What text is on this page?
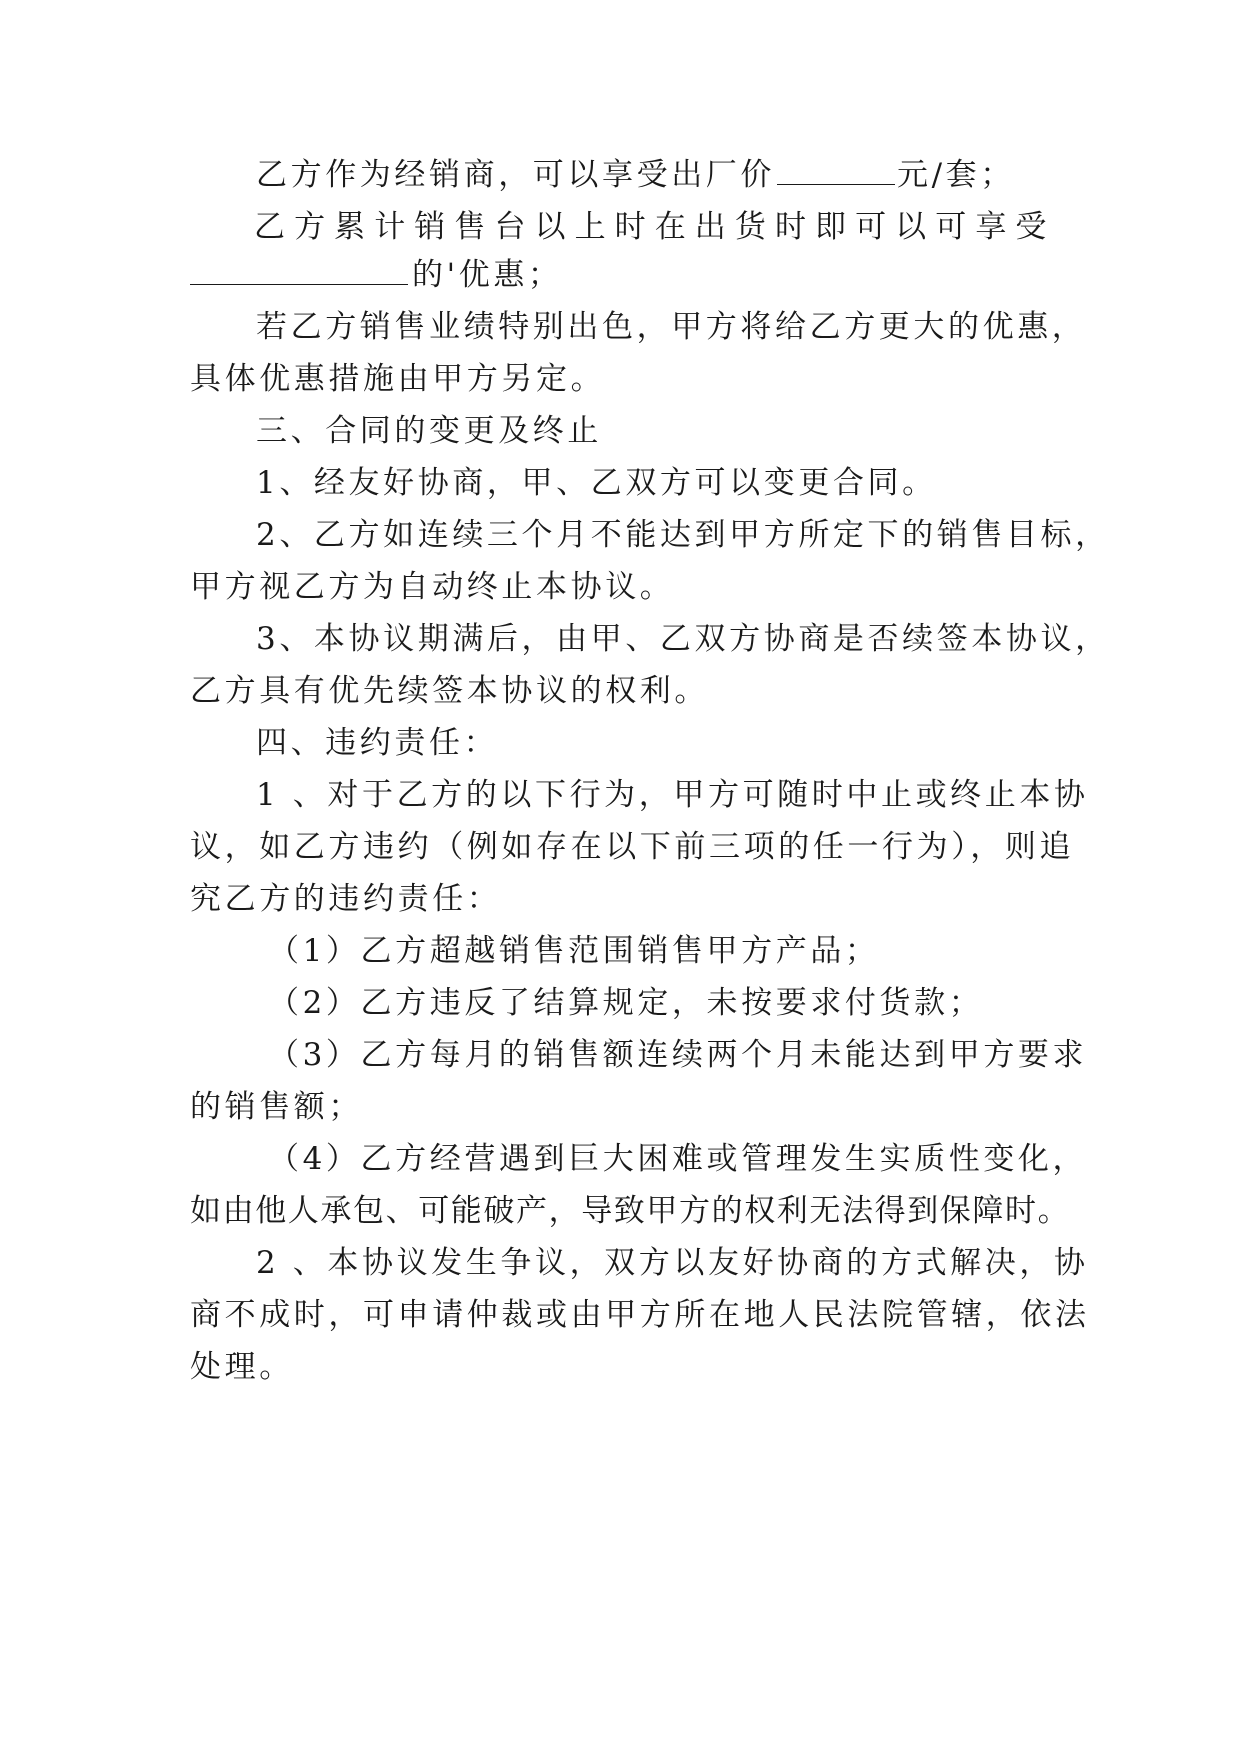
乙方作为经销商，可以享受出厂价	元/套；
乙方累计销售台以上时在出货时即可以可享受
的'优惠；
若乙方销售业绩特别出色，甲方将给乙方更大的优惠，
具体优惠措施由甲方另定。
三、合同的变更及终止
1、经友好协商，甲、乙双方可以变更合同。
2、乙方如连续三个月不能达到甲方所定下的销售目标，
甲方视乙方为自动终止本协议。
3、本协议期满后，由甲、乙双方协商是否续签本协议，
乙方具有优先续签本协议的权利。
四、违约责任：
1 、对于乙方的以下行为，甲方可随时中止或终止本协
议，如乙方违约（例如存在以下前三项的任一行为），则追
究乙方的违约责任：
（1）乙方超越销售范围销售甲方产品；
（2）乙方违反了结算规定，未按要求付货款；
（3）乙方每月的销售额连续两个月未能达到甲方要求
的销售额；
（4）乙方经营遇到巨大困难或管理发生实质性变化，
如由他人承包、可能破产，导致甲方的权利无法得到保障时。
2 、本协议发生争议，双方以友好协商的方式解决，协
商不成时，可申请仲裁或由甲方所在地人民法院管辖，依法
处理。
